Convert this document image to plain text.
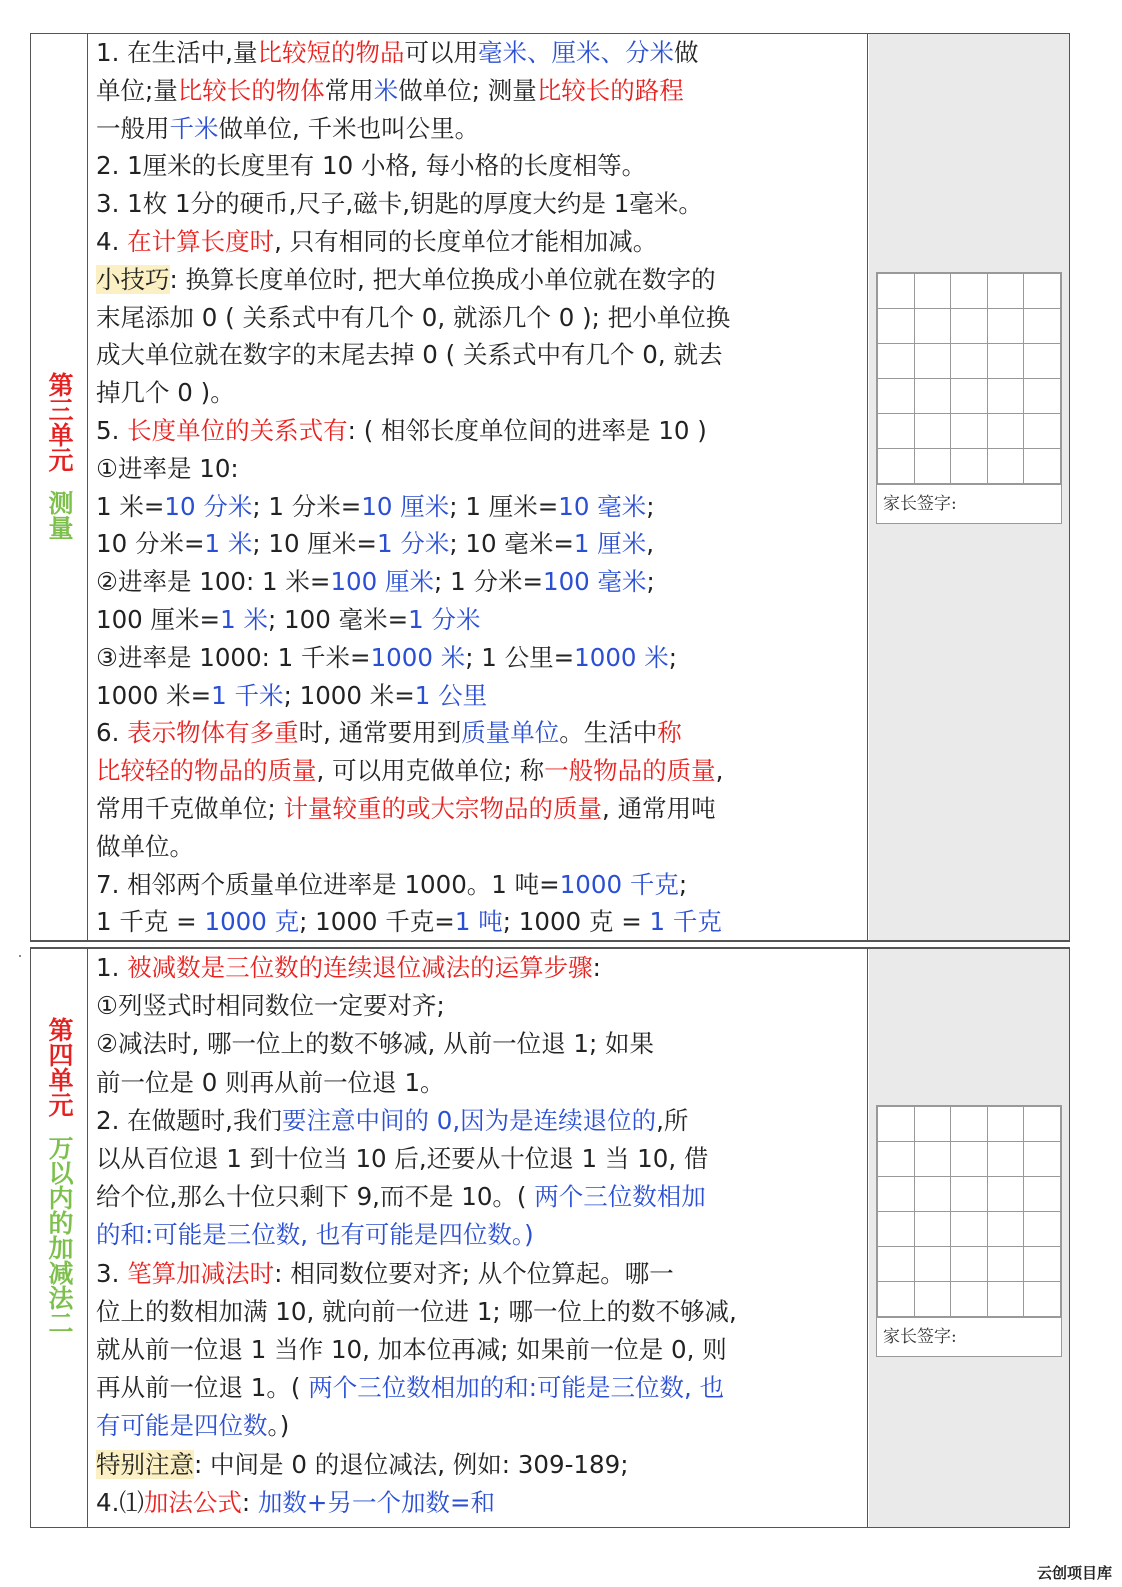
第三单元
测量
1. 在生活中,量比较短的物品可以用毫米、厘米、分米做
单位;量比较长的物体常用米做单位; 测量比较长的路程
一般用千米做单位, 千米也叫公里。
2. 1厘米的长度里有 10 小格, 每小格的长度相等。
3. 1枚 1分的硬币,尺子,磁卡,钥匙的厚度大约是 1毫米。
4. 在计算长度时, 只有相同的长度单位才能相加减。
小技巧: 换算长度单位时, 把大单位换成小单位就在数字的
末尾添加 0 ( 关系式中有几个 0, 就添几个 0 ); 把小单位换
成大单位就在数字的末尾去掉 0 ( 关系式中有几个 0, 就去
掉几个 0 )。
5. 长度单位的关系式有: ( 相邻长度单位间的进率是 10 )
①进率是 10:
1 米=10 分米; 1 分米=10 厘米; 1 厘米=10 毫米;
10 分米=1 米; 10 厘米=1 分米; 10 毫米=1 厘米,
②进率是 100: 1 米=100 厘米; 1 分米=100 毫米;
100 厘米=1 米; 100 毫米=1 分米
③进率是 1000: 1 千米=1000 米; 1 公里=1000 米;
1000 米=1 千米; 1000 米=1 公里
6. 表示物体有多重时, 通常要用到质量单位。生活中称
比较轻的物品的质量, 可以用克做单位; 称一般物品的质量,
常用千克做单位; 计量较重的或大宗物品的质量, 通常用吨
做单位。
7. 相邻两个质量单位进率是 1000。1 吨=1000 千克;
1 千克 = 1000 克; 1000 千克=1 吨; 1000 克 = 1 千克

家长签字:
第四单元
万以内的加减法二
1. 被减数是三位数的连续退位减法的运算步骤:
①列竖式时相同数位一定要对齐;
②减法时, 哪一位上的数不够减, 从前一位退 1; 如果
前一位是 0 则再从前一位退 1。
2. 在做题时,我们要注意中间的 0,因为是连续退位的,所
以从百位退 1 到十位当 10 后,还要从十位退 1 当 10, 借
给个位,那么十位只剩下 9,而不是 10。( 两个三位数相加
的和:可能是三位数, 也有可能是四位数。)
3. 笔算加减法时: 相同数位要对齐; 从个位算起。哪一
位上的数相加满 10, 就向前一位进 1; 哪一位上的数不够减,
就从前一位退 1 当作 10, 加本位再减; 如果前一位是 0, 则
再从前一位退 1。( 两个三位数相加的和:可能是三位数, 也
有可能是四位数。)
特别注意: 中间是 0 的退位减法, 例如: 309-189;
4.⑴加法公式: 加数+另一个加数=和

家长签字:
云创项目库
